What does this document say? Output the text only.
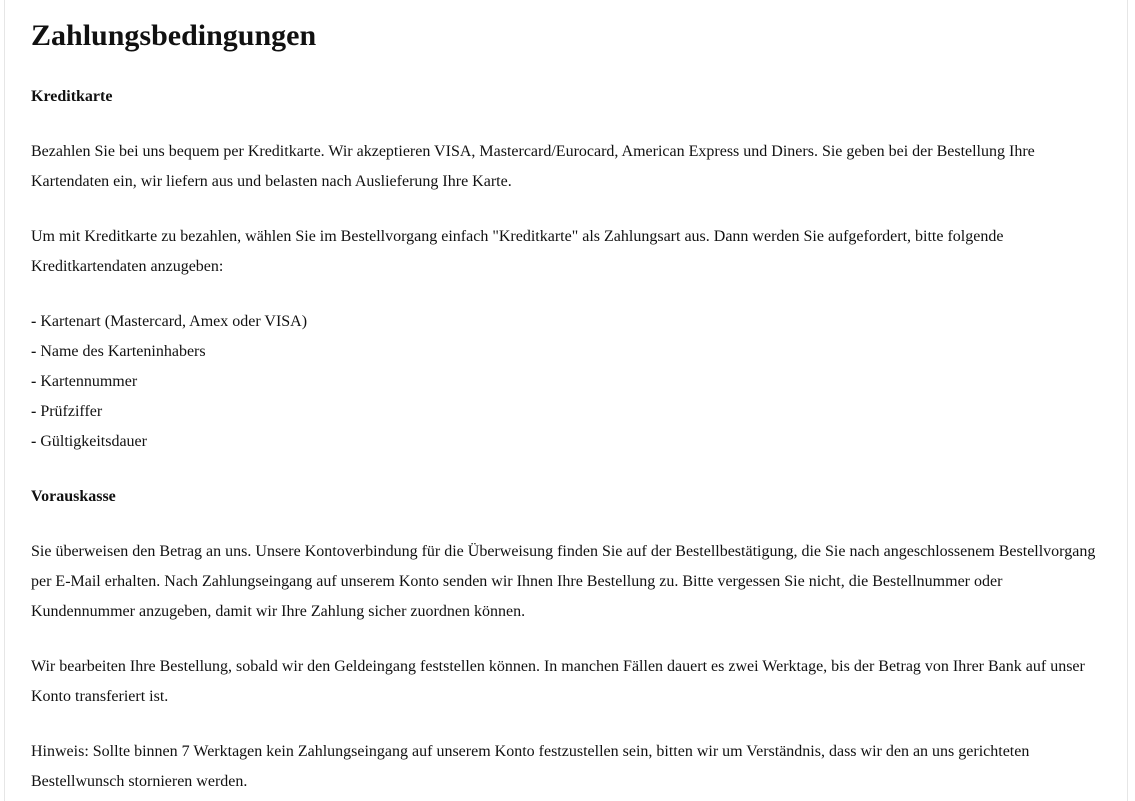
Zahlungsbedingungen
Kreditkarte

Bezahlen Sie bei uns bequem per Kreditkarte. Wir akzeptieren VISA, Mastercard/Eurocard, American Express und Diners. Sie geben bei der Bestellung Ihre Kartendaten ein, wir liefern aus und belasten nach Auslieferung Ihre Karte.

Um mit Kreditkarte zu bezahlen, wählen Sie im Bestellvorgang einfach "Kreditkarte" als Zahlungsart aus. Dann werden Sie aufgefordert, bitte folgende Kreditkartendaten anzugeben:

- Kartenart (Mastercard, Amex oder VISA)
- Name des Karteninhabers
- Kartennummer
- Prüfziffer
- Gültigkeitsdauer
Vorauskasse

Sie überweisen den Betrag an uns. Unsere Kontoverbindung für die Überweisung finden Sie auf der Bestellbestätigung, die Sie nach angeschlossenem Bestellvorgang per E-Mail erhalten. Nach Zahlungseingang auf unserem Konto senden wir Ihnen Ihre Bestellung zu. Bitte vergessen Sie nicht, die Bestellnummer oder Kundennummer anzugeben, damit wir Ihre Zahlung sicher zuordnen können.

Wir bearbeiten Ihre Bestellung, sobald wir den Geldeingang feststellen können. In manchen Fällen dauert es zwei Werktage, bis der Betrag von Ihrer Bank auf unser Konto transferiert ist.

Hinweis: Sollte binnen 7 Werktagen kein Zahlungseingang auf unserem Konto festzustellen sein, bitten wir um Verständnis, dass wir den an uns gerichteten Bestellwunsch stornieren werden.
